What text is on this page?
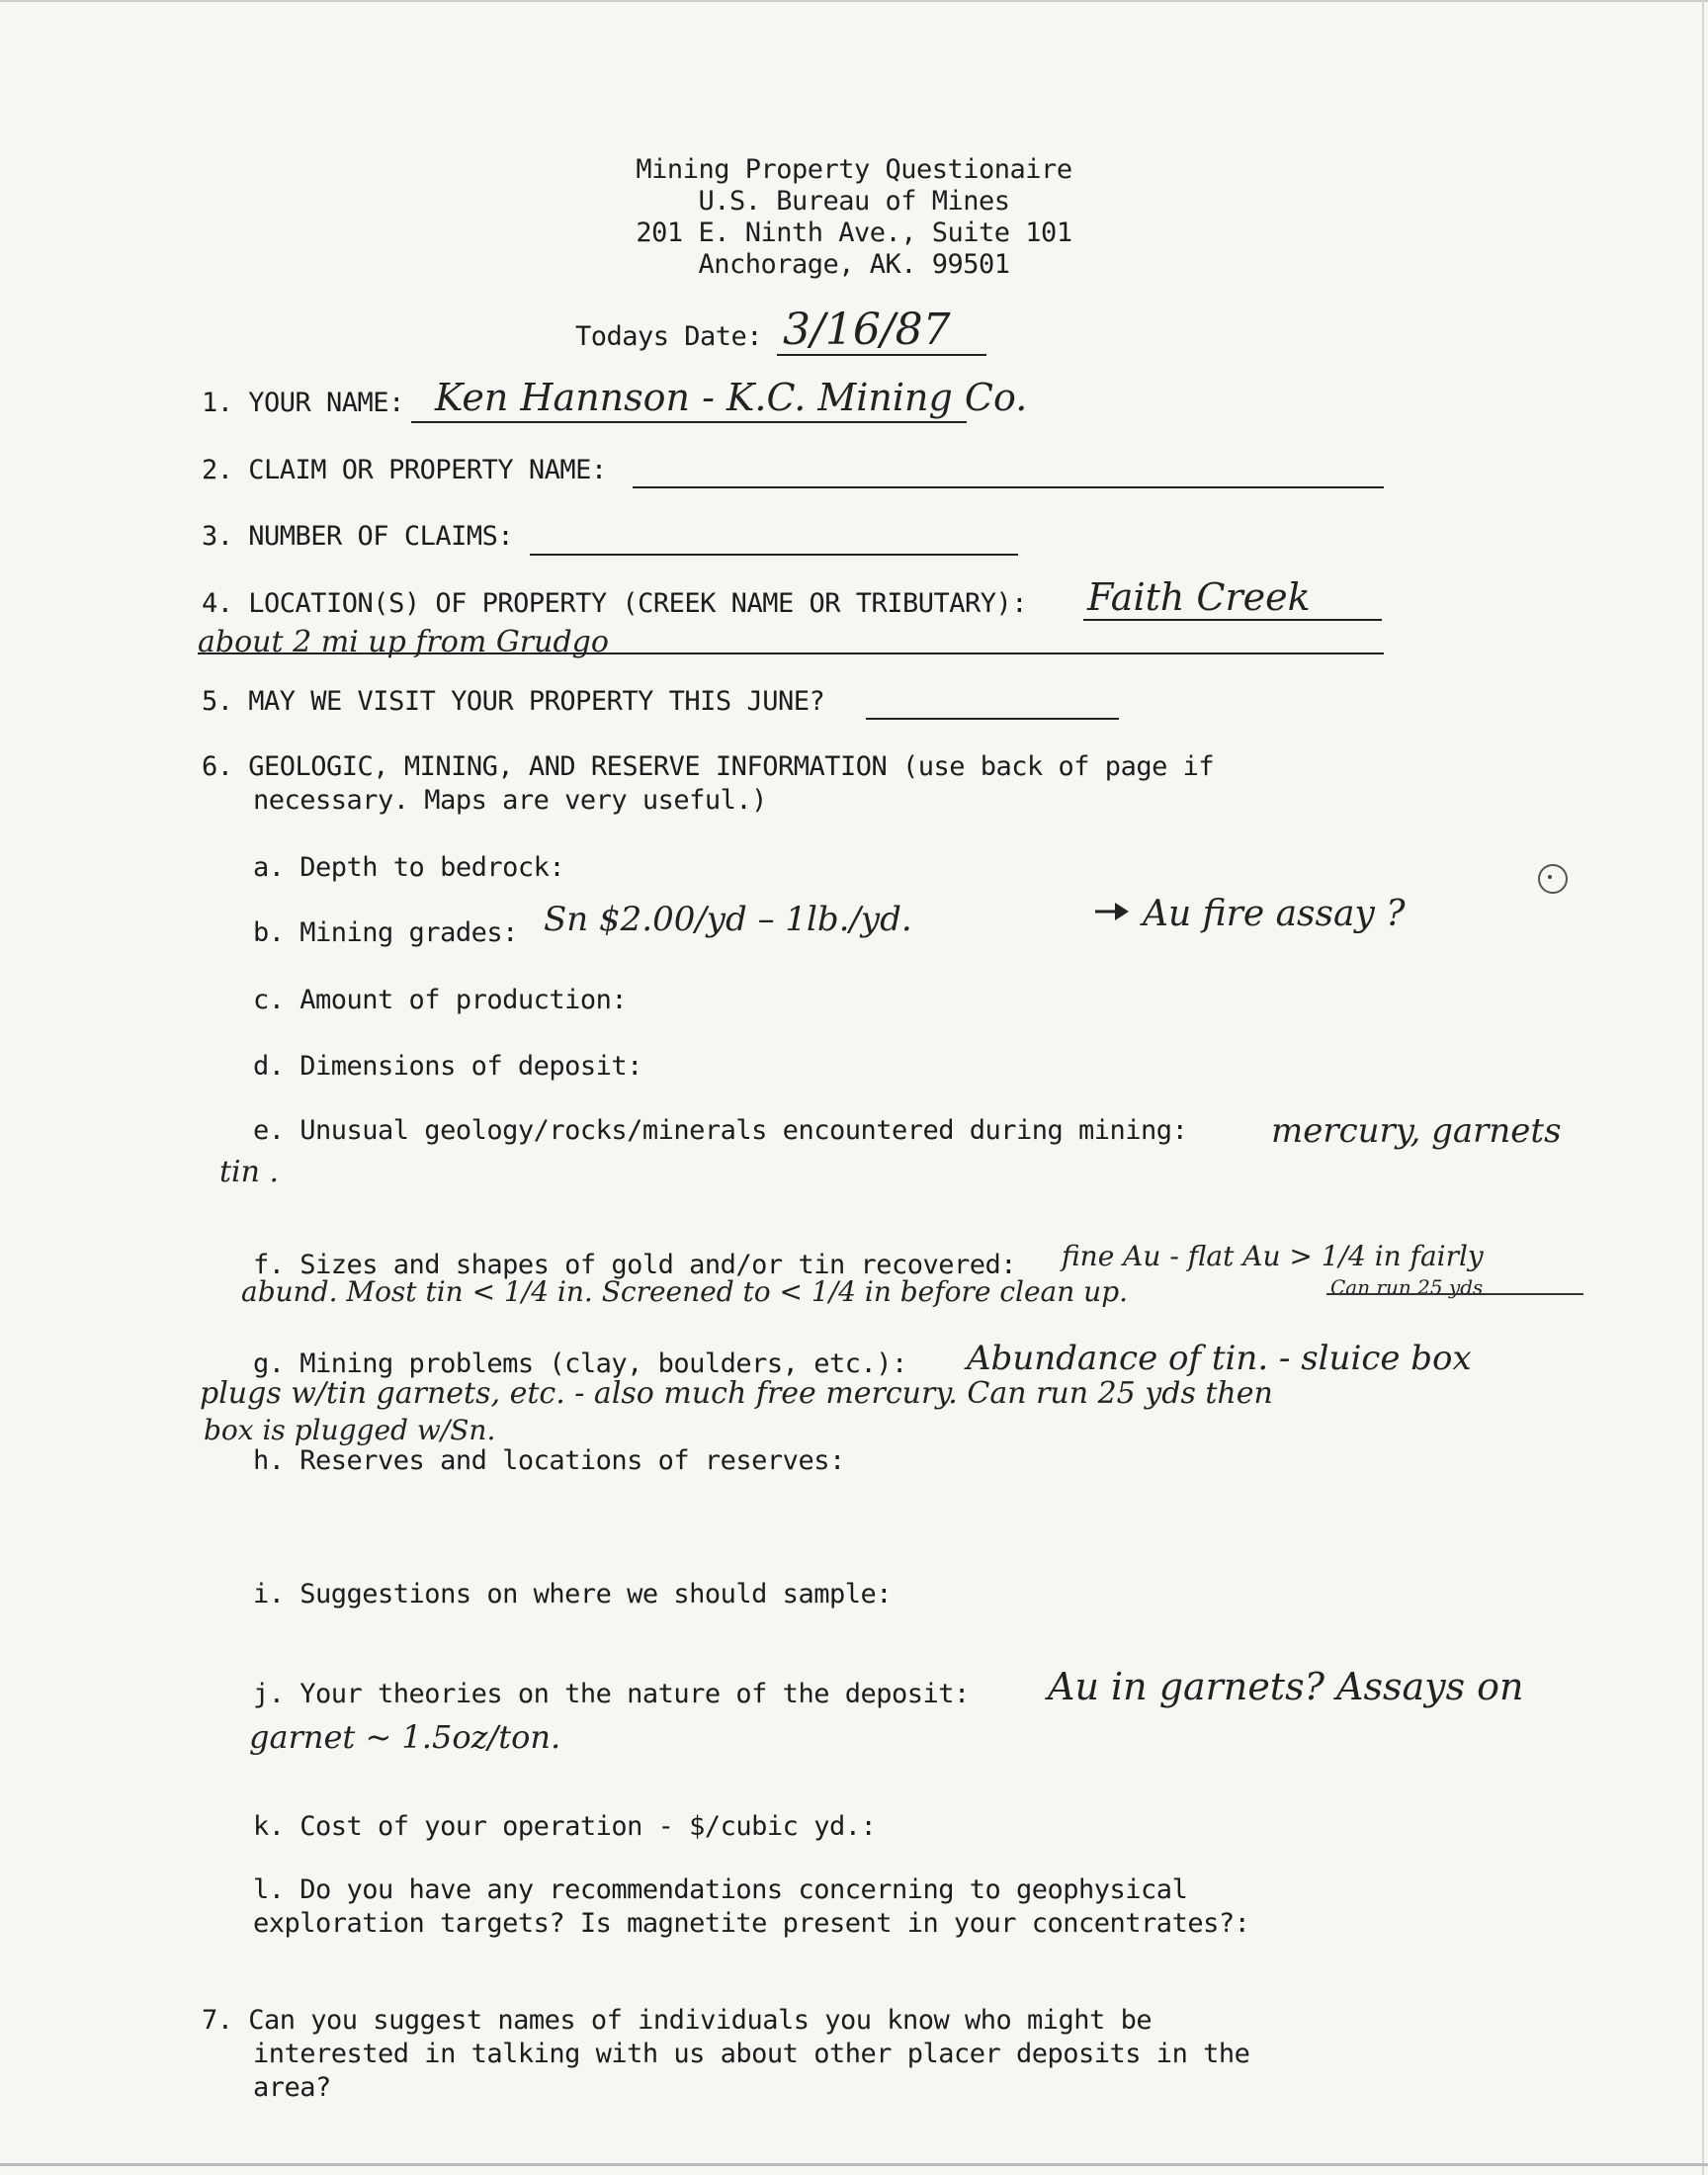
Mining Property Questionaire
U.S. Bureau of Mines
201 E. Ninth Ave., Suite 101
Anchorage, AK. 99501
Todays Date: 3/16/87
1. YOUR NAME: Ken Hannson - K.C. Mining Co.
2. CLAIM OR PROPERTY NAME:
3. NUMBER OF CLAIMS:
4. LOCATION(S) OF PROPERTY (CREEK NAME OR TRIBUTARY): Faith Creek
about 2 mi up from Grudgo
5. MAY WE VISIT YOUR PROPERTY THIS JUNE?
6. GEOLOGIC, MINING, AND RESERVE INFORMATION (use back of page if
necessary. Maps are very useful.)
a. Depth to bedrock:
b. Mining grades: Sn $2.00/yd – 1lb./yd.	Au fire assay ?
c. Amount of production:
d. Dimensions of deposit:
e. Unusual geology/rocks/minerals encountered during mining: mercury, garnets
tin .
f. Sizes and shapes of gold and/or tin recovered: fine Au - flat Au > 1/4 in fairly
abund. Most tin < 1/4 in. Screened to < 1/4 in before clean up.	Can run 25 yds
g. Mining problems (clay, boulders, etc.): Abundance of tin. - sluice box
plugs w/tin garnets, etc. - also much free mercury. Can run 25 yds then
box is plugged w/Sn.
h. Reserves and locations of reserves:
i. Suggestions on where we should sample:
j. Your theories on the nature of the deposit: Au in garnets? Assays on
garnet ~ 1.5oz/ton.
k. Cost of your operation - $/cubic yd.:
l. Do you have any recommendations concerning to geophysical
exploration targets? Is magnetite present in your concentrates?:
7. Can you suggest names of individuals you know who might be
interested in talking with us about other placer deposits in the
area?
